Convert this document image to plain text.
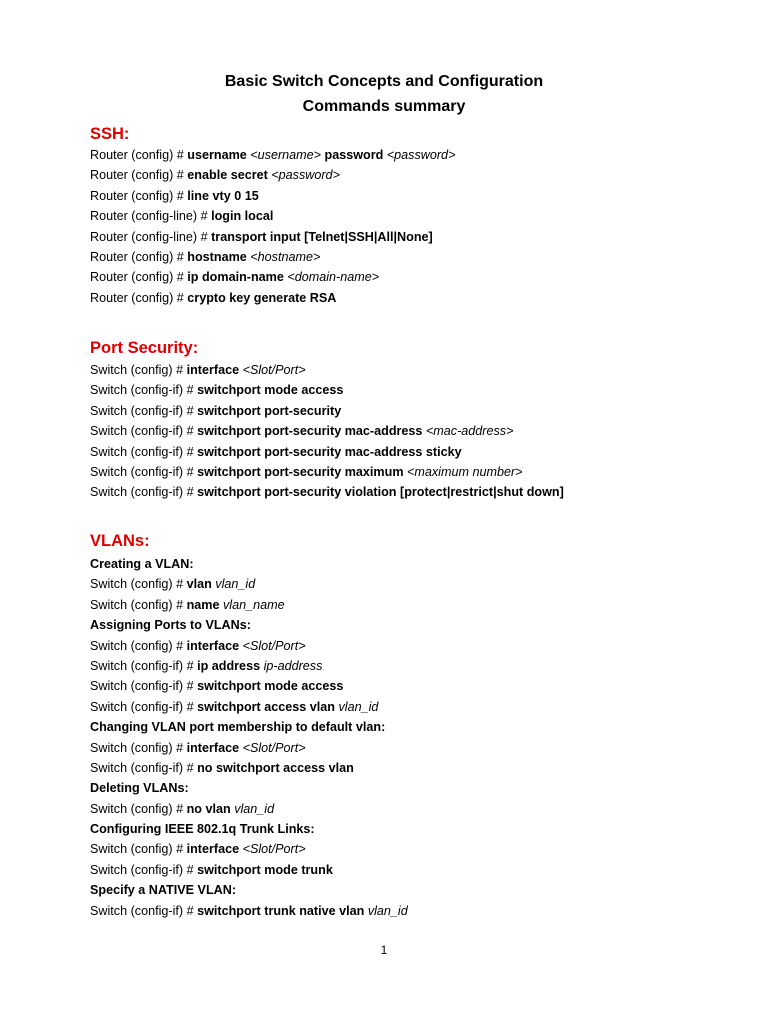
Basic Switch Concepts and Configuration
Commands summary
SSH:
Router (config) # username <username> password <password>
Router (config) # enable secret <password>
Router (config) # line vty 0 15
Router (config-line) # login local
Router (config-line) # transport input [Telnet|SSH|All|None]
Router (config) # hostname <hostname>
Router (config) # ip domain-name <domain-name>
Router (config) # crypto key generate RSA
Port Security:
Switch (config) # interface <Slot/Port>
Switch (config-if) # switchport mode access
Switch (config-if) # switchport port-security
Switch (config-if) # switchport port-security mac-address <mac-address>
Switch (config-if) # switchport port-security mac-address sticky
Switch (config-if) # switchport port-security maximum <maximum number>
Switch (config-if) # switchport port-security violation [protect|restrict|shut down]
VLANs:
Creating a VLAN:
Switch (config) # vlan vlan_id
Switch (config) # name vlan_name
Assigning Ports to VLANs:
Switch (config) # interface <Slot/Port>
Switch (config-if) # ip address ip-address
Switch (config-if) # switchport mode access
Switch (config-if) # switchport access vlan vlan_id
Changing VLAN port membership to default vlan:
Switch (config) # interface <Slot/Port>
Switch (config-if) # no switchport access vlan
Deleting VLANs:
Switch (config) # no vlan vlan_id
Configuring IEEE 802.1q Trunk Links:
Switch (config) # interface <Slot/Port>
Switch (config-if) # switchport mode trunk
Specify a NATIVE VLAN:
Switch (config-if) # switchport trunk native vlan vlan_id
1
